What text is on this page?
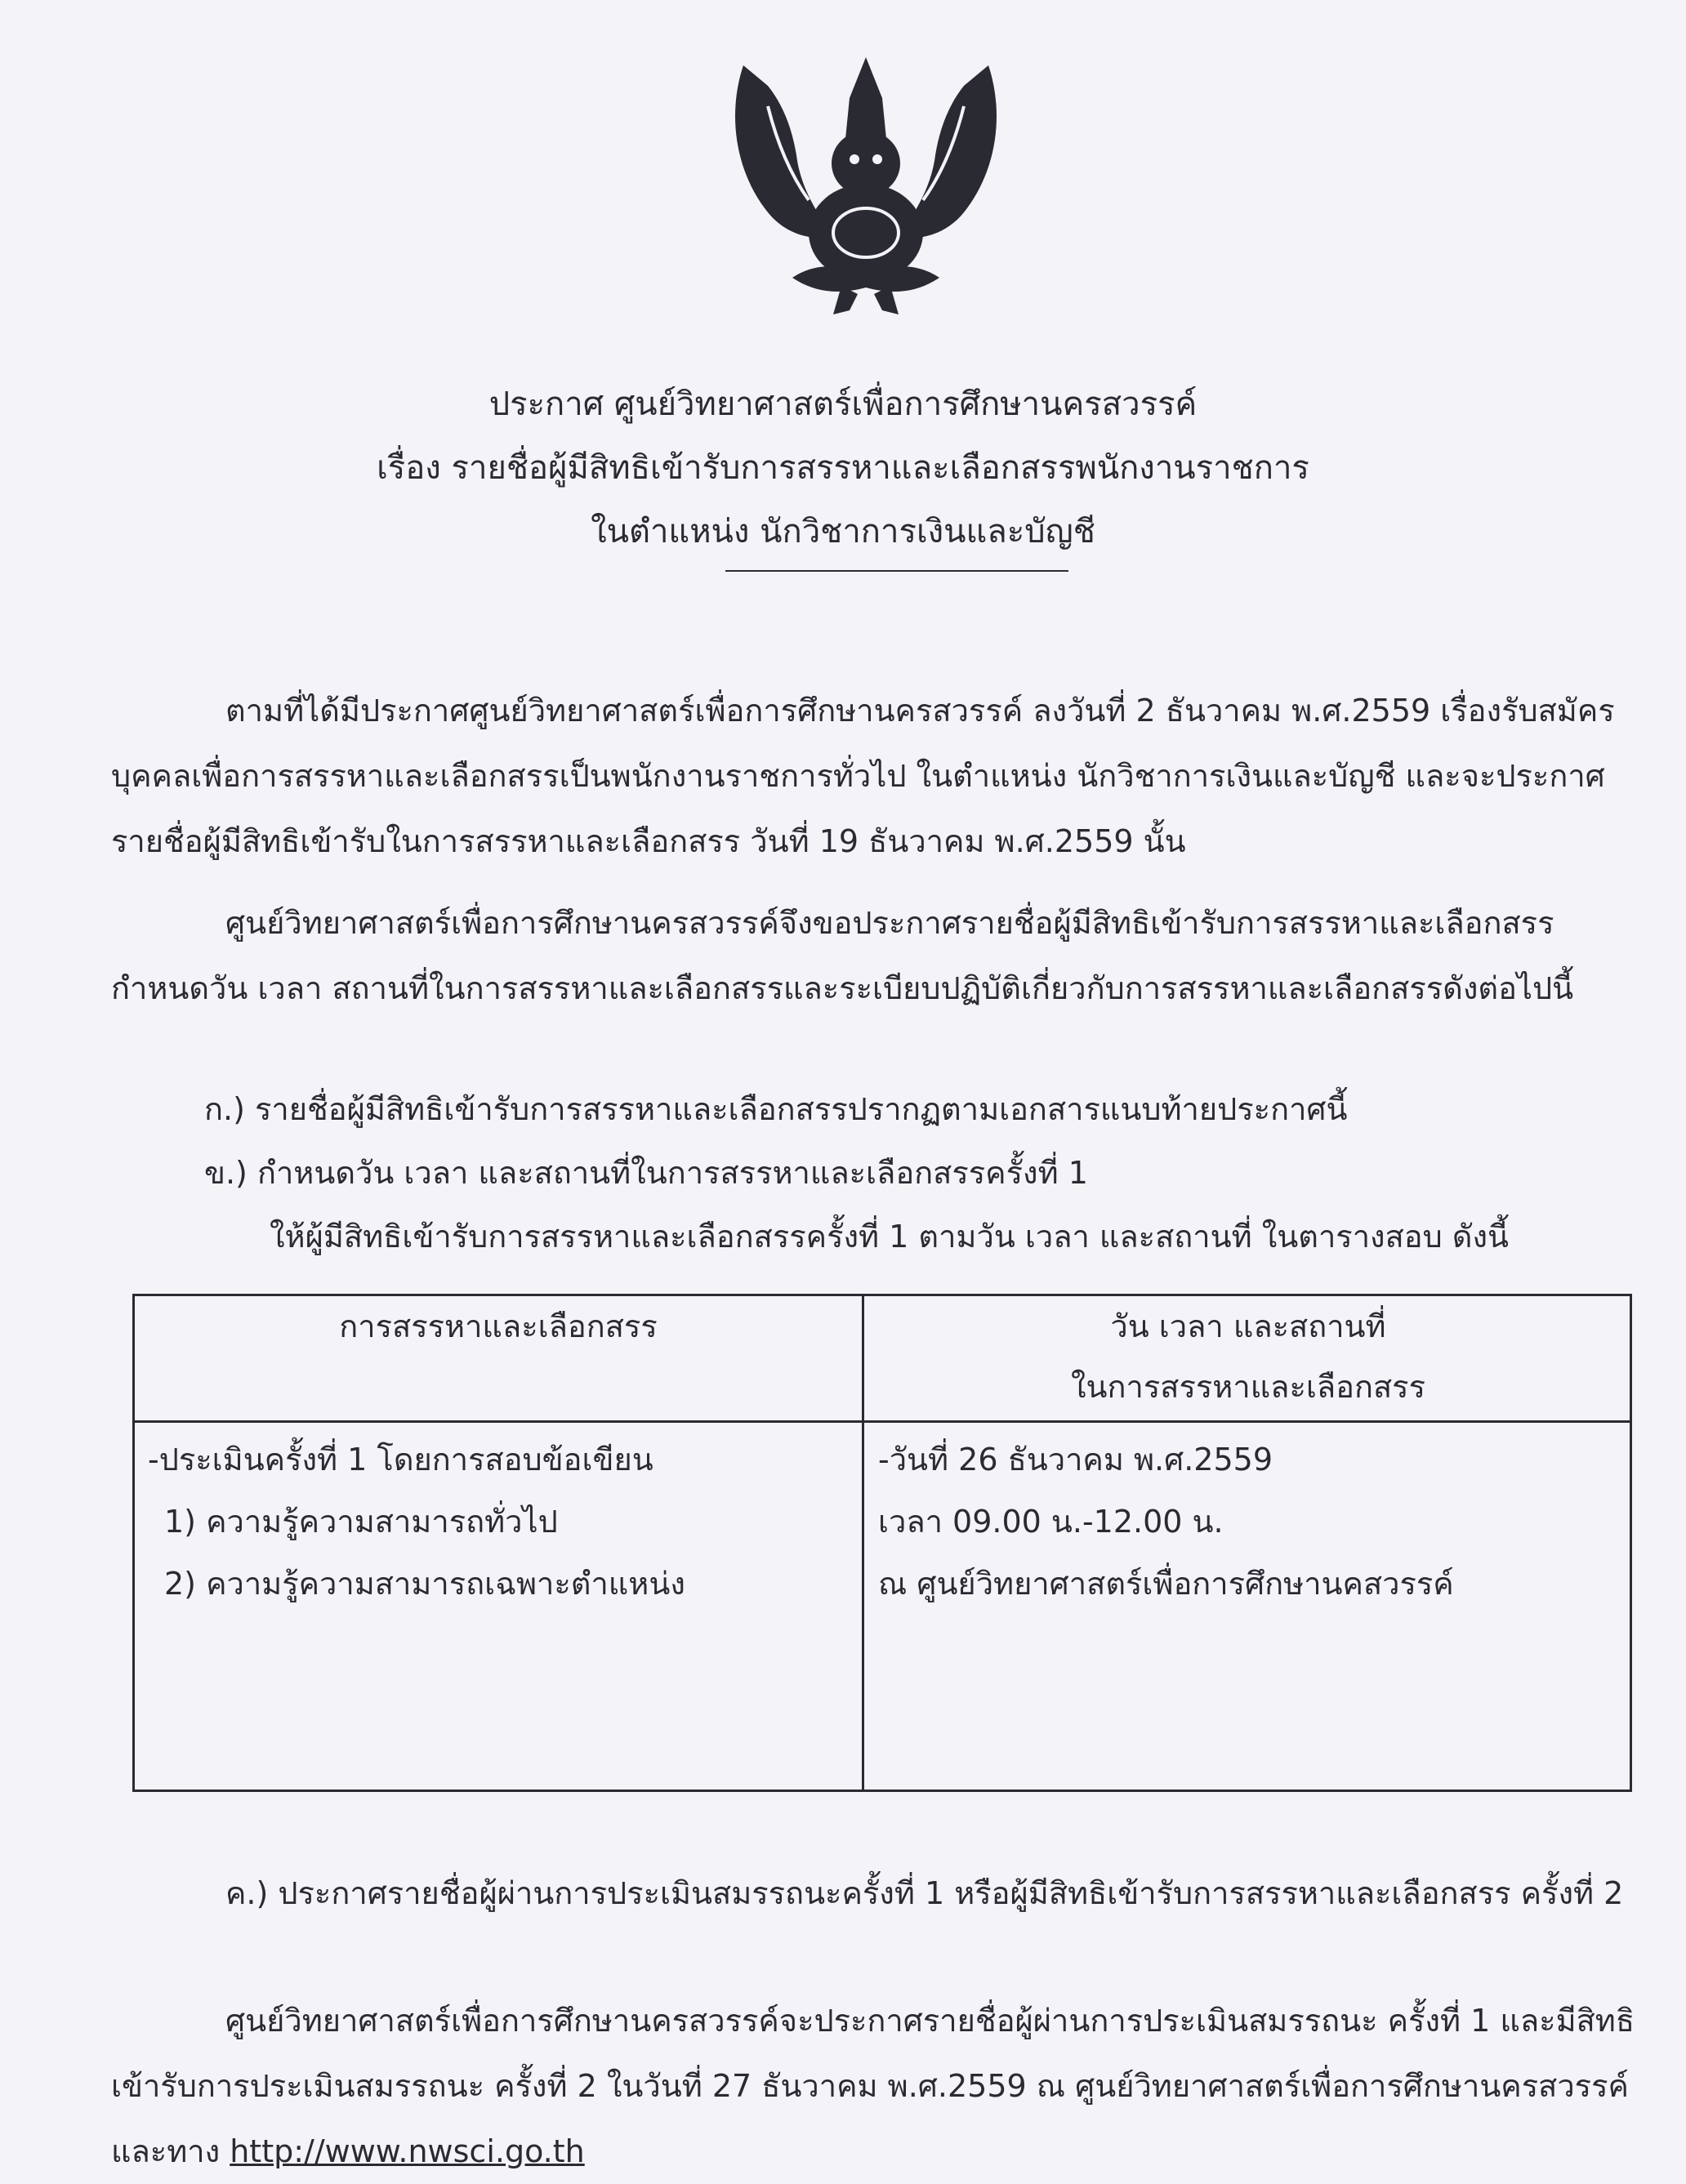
ประกาศ ศูนย์วิทยาศาสตร์เพื่อการศึกษานครสวรรค์
เรื่อง รายชื่อผู้มีสิทธิเข้ารับการสรรหาและเลือกสรรพนักงานราชการ
ในตำแหน่ง นักวิชาการเงินและบัญชี
ตามที่ได้มีประกาศศูนย์วิทยาศาสตร์เพื่อการศึกษานครสวรรค์ ลงวันที่ 2 ธันวาคม พ.ศ.2559 เรื่องรับสมัครบุคคลเพื่อการสรรหาและเลือกสรรเป็นพนักงานราชการทั่วไป ในตำแหน่ง นักวิชาการเงินและบัญชี และจะประกาศรายชื่อผู้มีสิทธิเข้ารับในการสรรหาและเลือกสรร วันที่ 19 ธันวาคม พ.ศ.2559 นั้น
ศูนย์วิทยาศาสตร์เพื่อการศึกษานครสวรรค์จึงขอประกาศรายชื่อผู้มีสิทธิเข้ารับการสรรหาและเลือกสรรกำหนดวัน เวลา สถานที่ในการสรรหาและเลือกสรรและระเบียบปฏิบัติเกี่ยวกับการสรรหาและเลือกสรรดังต่อไปนี้
ก.) รายชื่อผู้มีสิทธิเข้ารับการสรรหาและเลือกสรรปรากฏตามเอกสารแนบท้ายประกาศนี้
ข.) กำหนดวัน เวลา และสถานที่ในการสรรหาและเลือกสรรครั้งที่ 1
ให้ผู้มีสิทธิเข้ารับการสรรหาและเลือกสรรครั้งที่ 1 ตามวัน เวลา และสถานที่ ในตารางสอบ ดังนี้
การสรรหาและเลือกสรร	วัน เวลา และสถานที่
ในการสรรหาและเลือกสรร
-ประเมินครั้งที่ 1 โดยการสอบข้อเขียน
1) ความรู้ความสามารถทั่วไป
2) ความรู้ความสามารถเฉพาะตำแหน่ง
-วันที่ 26 ธันวาคม พ.ศ.2559
เวลา 09.00 น.-12.00 น.
ณ ศูนย์วิทยาศาสตร์เพื่อการศึกษานคสวรรค์
ค.) ประกาศรายชื่อผู้ผ่านการประเมินสมรรถนะครั้งที่ 1 หรือผู้มีสิทธิเข้ารับการสรรหาและเลือกสรร ครั้งที่ 2
ศูนย์วิทยาศาสตร์เพื่อการศึกษานครสวรรค์จะประกาศรายชื่อผู้ผ่านการประเมินสมรรถนะ ครั้งที่ 1 และมีสิทธิเข้ารับการประเมินสมรรถนะ ครั้งที่ 2 ในวันที่ 27 ธันวาคม พ.ศ.2559 ณ ศูนย์วิทยาศาสตร์เพื่อการศึกษานครสวรรค์ และทาง http://www.nwsci.go.th
